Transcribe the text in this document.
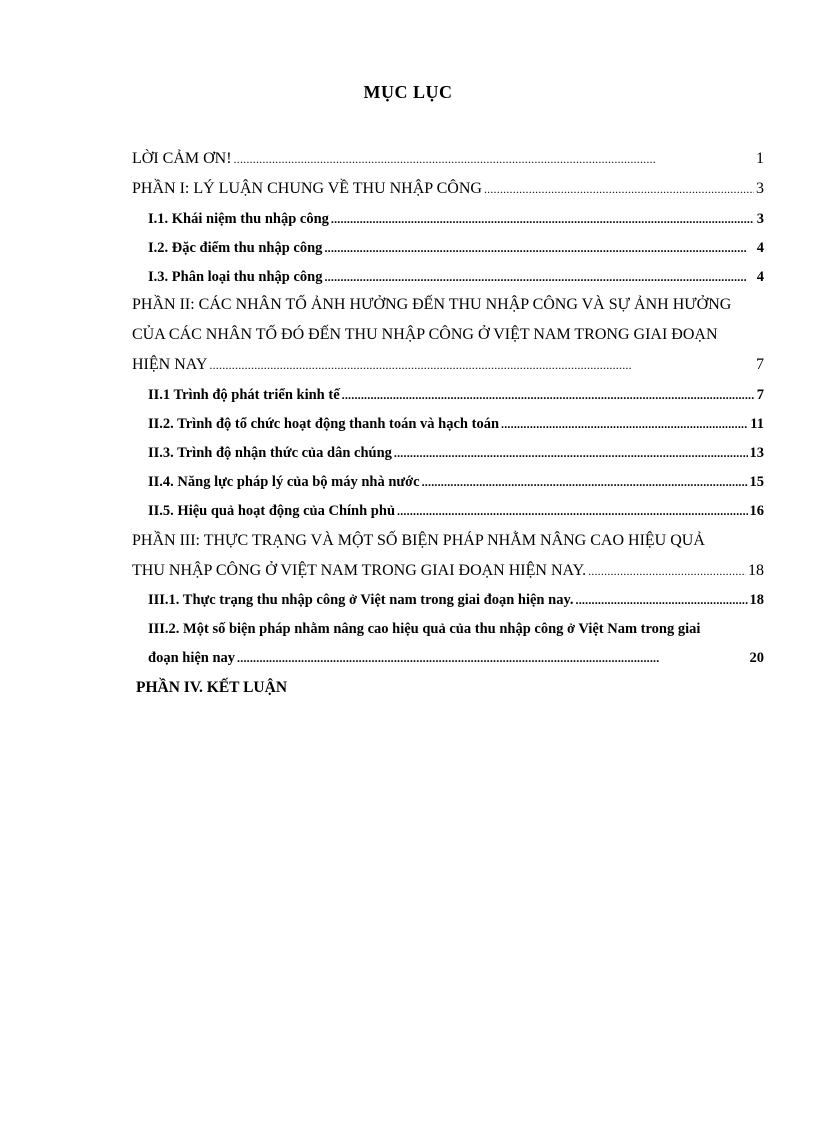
MỤC LỤC
LỜI CẢM ƠN! . . .	1
PHẦN I: LÝ LUẬN CHUNG VỀ THU NHẬP CÔNG . . .	3
I.1. Khái niệm thu nhập công . . .	3
I.2. Đặc điểm thu nhập công . . .	4
I.3. Phân loại thu nhập công . . .	4
PHẦN II: CÁC NHÂN TỐ ẢNH HƯỞNG ĐẾN THU NHẬP CÔNG VÀ SỰ ẢNH HƯỞNG
CỦA CÁC NHÂN TỐ ĐÓ ĐẾN THU NHẬP CÔNG Ở VIỆT NAM TRONG GIAI ĐOẠN
HIỆN NAY . . .	7
II.1 Trình độ phát triển kinh tế . . .	7
II.2. Trình độ tổ chức hoạt động thanh toán và hạch toán . . .	11
II.3. Trình độ nhận thức của dân chúng . . .	13
II.4. Năng lực pháp lý của bộ máy nhà nước . . .	15
II.5. Hiệu quả hoạt động của Chính phủ . . .	16
PHẦN III: THỰC TRẠNG VÀ MỘT SỐ BIỆN PHÁP NHẰM NÂNG CAO HIỆU QUẢ
THU NHẬP CÔNG Ở VIỆT NAM TRONG GIAI ĐOẠN HIỆN NAY. . . .	18
III.1. Thực trạng thu nhập công ở Việt nam trong giai đoạn hiện nay. . . .	18
III.2. Một số biện pháp nhằm nâng cao hiệu quả của thu nhập công ở Việt Nam trong giai
đoạn hiện nay . . .	20
PHẦN IV. KẾT LUẬN
